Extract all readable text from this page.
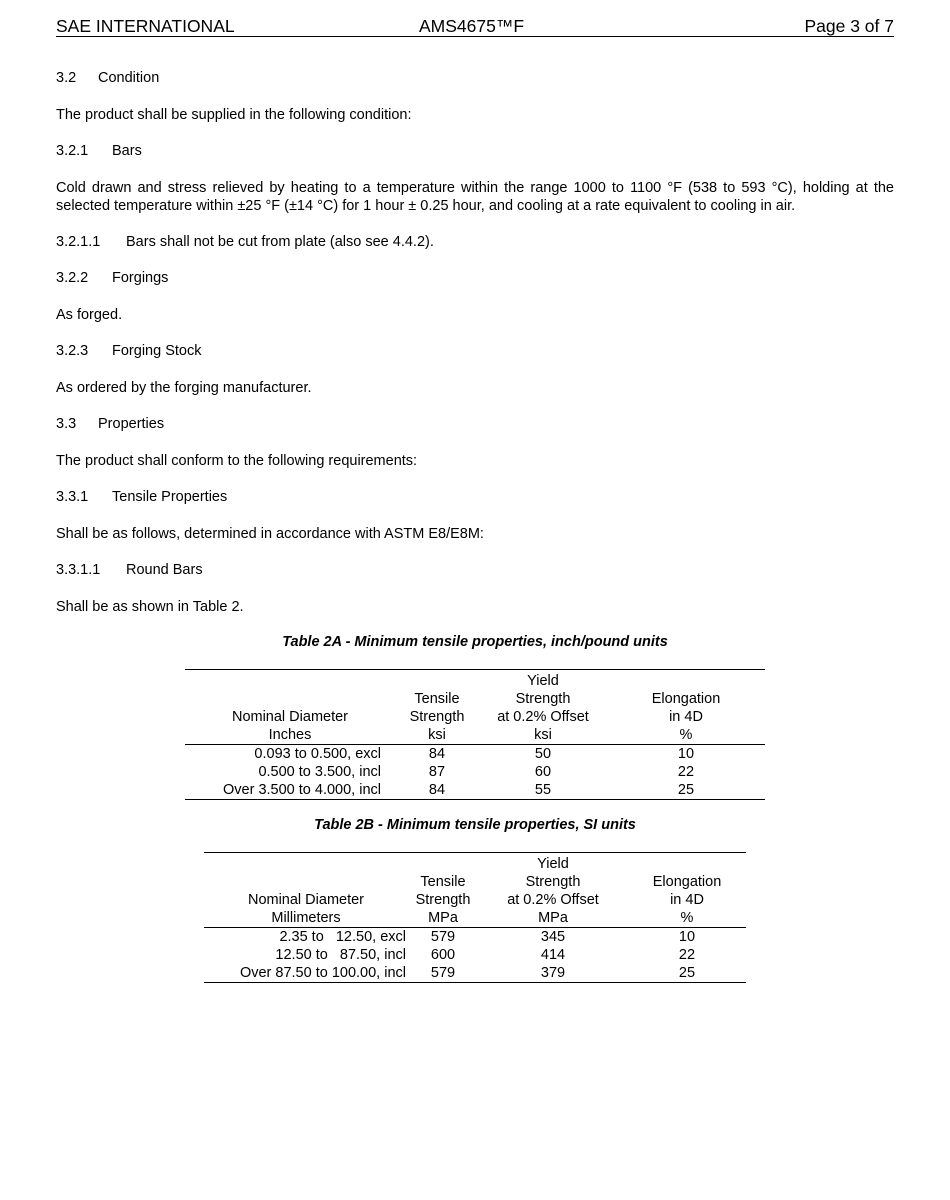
SAE INTERNATIONAL	AMS4675™F	Page 3 of 7
3.2 Condition
The product shall be supplied in the following condition:
3.2.1 Bars
Cold drawn and stress relieved by heating to a temperature within the range 1000 to 1100 °F (538 to 593 °C), holding at the selected temperature within ±25 °F (±14 °C) for 1 hour ± 0.25 hour, and cooling at a rate equivalent to cooling in air.
3.2.1.1 Bars shall not be cut from plate (also see 4.4.2).
3.2.2 Forgings
As forged.
3.2.3 Forging Stock
As ordered by the forging manufacturer.
3.3 Properties
The product shall conform to the following requirements:
3.3.1 Tensile Properties
Shall be as follows, determined in accordance with ASTM E8/E8M:
3.3.1.1 Round Bars
Shall be as shown in Table 2.
Table 2A - Minimum tensile properties, inch/pound units
		Yield	
	Tensile	Strength	Elongation
Nominal Diameter	Strength	at 0.2% Offset	in 4D
Inches	ksi	ksi	%
0.093 to 0.500, excl	84	50	10
0.500 to 3.500, incl	87	60	22
Over 3.500 to 4.000, incl	84	55	25
Table 2B - Minimum tensile properties, SI units
		Yield	
	Tensile	Strength	Elongation
Nominal Diameter	Strength	at 0.2% Offset	in 4D
Millimeters	MPa	MPa	%
2.35 to   12.50, excl	579	345	10
12.50 to   87.50, incl	600	414	22
Over 87.50 to 100.00, incl	579	379	25
